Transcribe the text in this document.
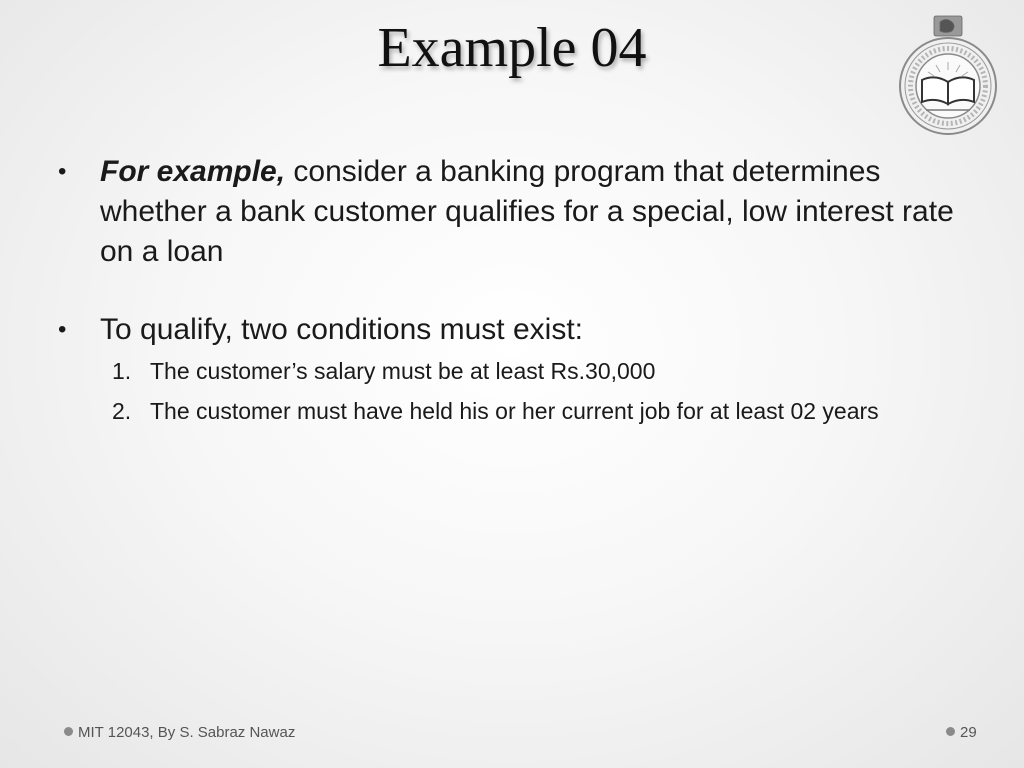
Example 04
•	For example, consider a banking program that determines whether a bank customer qualifies for a special, low interest rate on a loan
•	To qualify, two conditions must exist:
1. The customer’s salary must be at least Rs.30,000
2. The customer must have held his or her current job for at least 02 years
MIT 12043, By S. Sabraz Nawaz	29
